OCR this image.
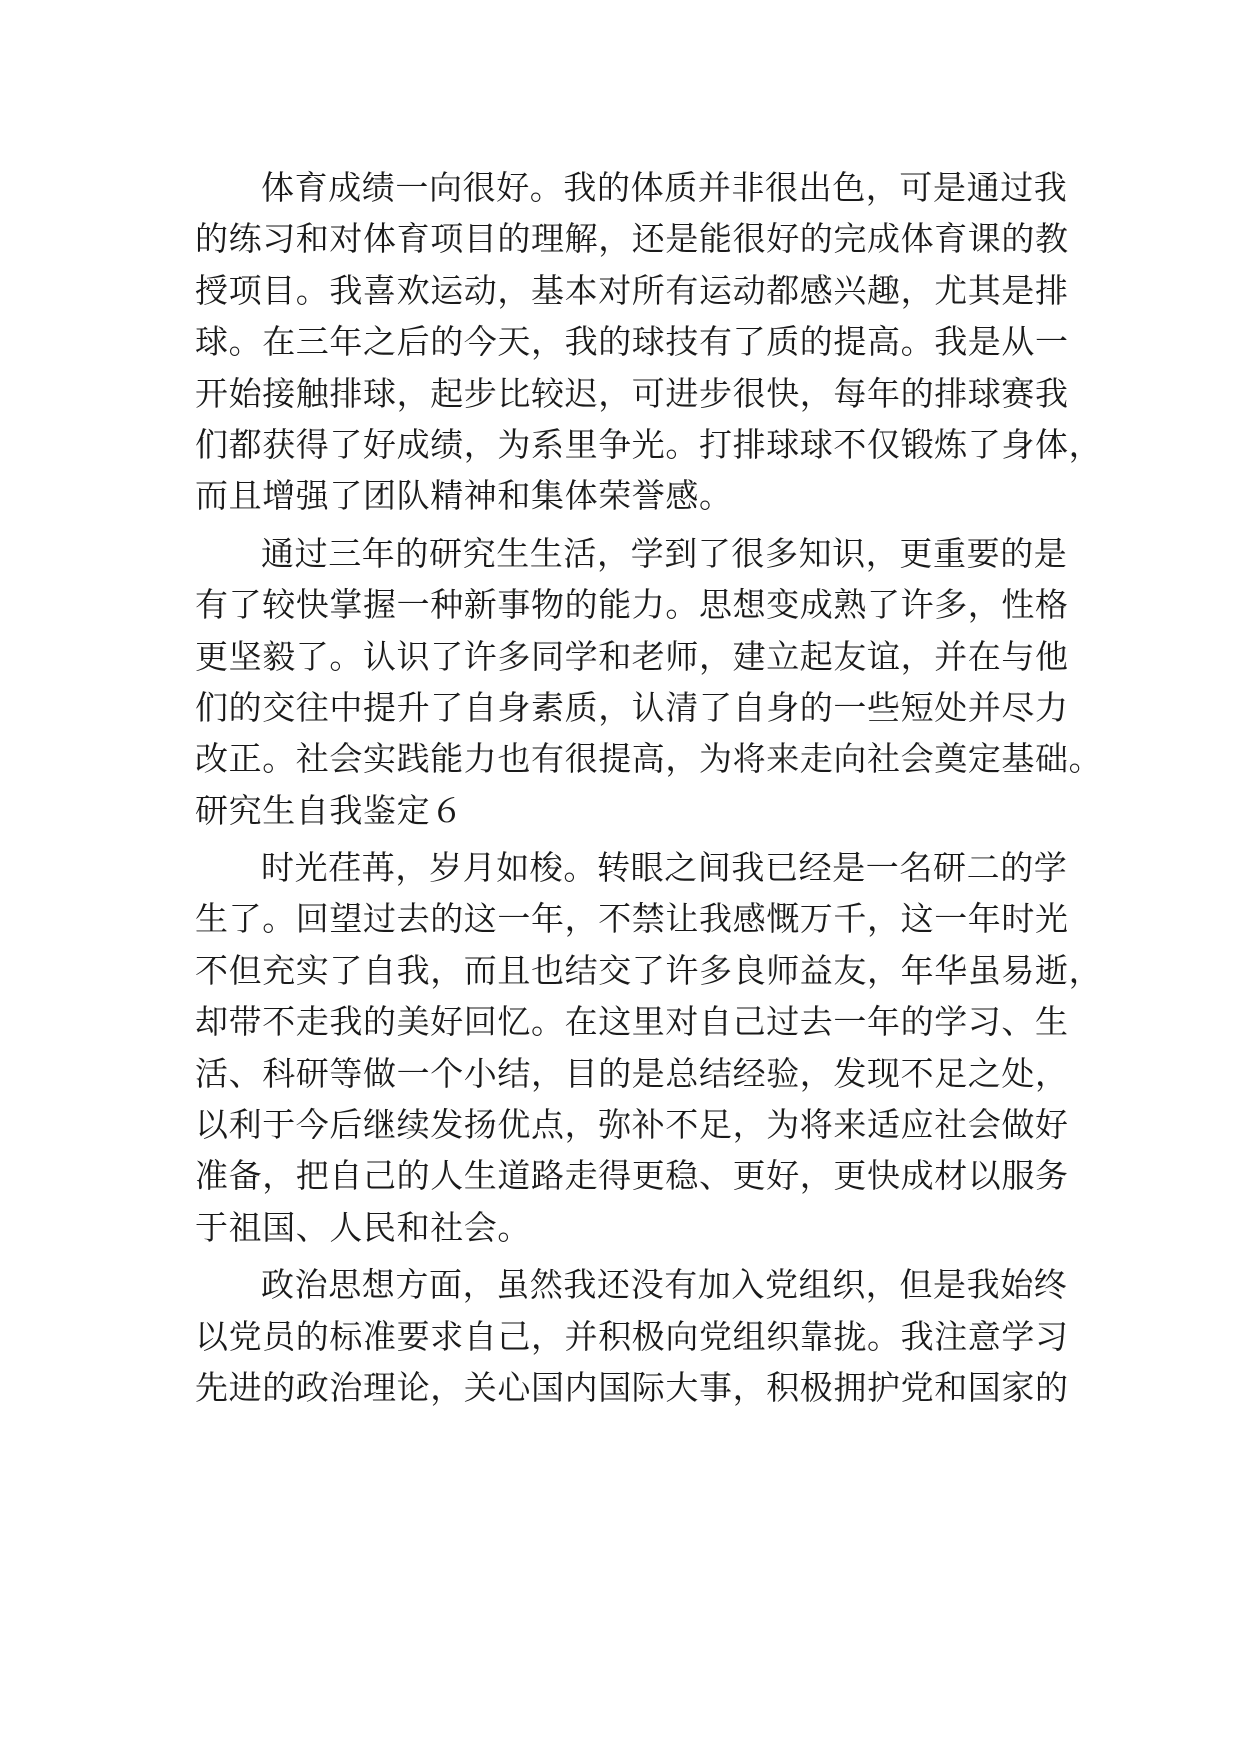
体育成绩一向很好。我的体质并非很出色，可是通过我
的练习和对体育项目的理解，还是能很好的完成体育课的教
授项目。我喜欢运动，基本对所有运动都感兴趣，尤其是排
球。在三年之后的今天，我的球技有了质的提高。我是从一
开始接触排球，起步比较迟，可进步很快，每年的排球赛我
们都获得了好成绩，为系里争光。打排球球不仅锻炼了身体，
而且增强了团队精神和集体荣誉感。
通过三年的研究生生活，学到了很多知识，更重要的是
有了较快掌握一种新事物的能力。思想变成熟了许多，性格
更坚毅了。认识了许多同学和老师，建立起友谊，并在与他
们的交往中提升了自身素质，认清了自身的一些短处并尽力
改正。社会实践能力也有很提高，为将来走向社会奠定基础。
研究生自我鉴定６
时光荏苒，岁月如梭。转眼之间我已经是一名研二的学
生了。回望过去的这一年，不禁让我感慨万千，这一年时光
不但充实了自我，而且也结交了许多良师益友，年华虽易逝，
却带不走我的美好回忆。在这里对自己过去一年的学习、生
活、科研等做一个小结，目的是总结经验，发现不足之处，
以利于今后继续发扬优点，弥补不足，为将来适应社会做好
准备，把自己的人生道路走得更稳、更好，更快成材以服务
于祖国、人民和社会。
政治思想方面，虽然我还没有加入党组织，但是我始终
以党员的标准要求自己，并积极向党组织靠拢。我注意学习
先进的政治理论，关心国内国际大事，积极拥护党和国家的
